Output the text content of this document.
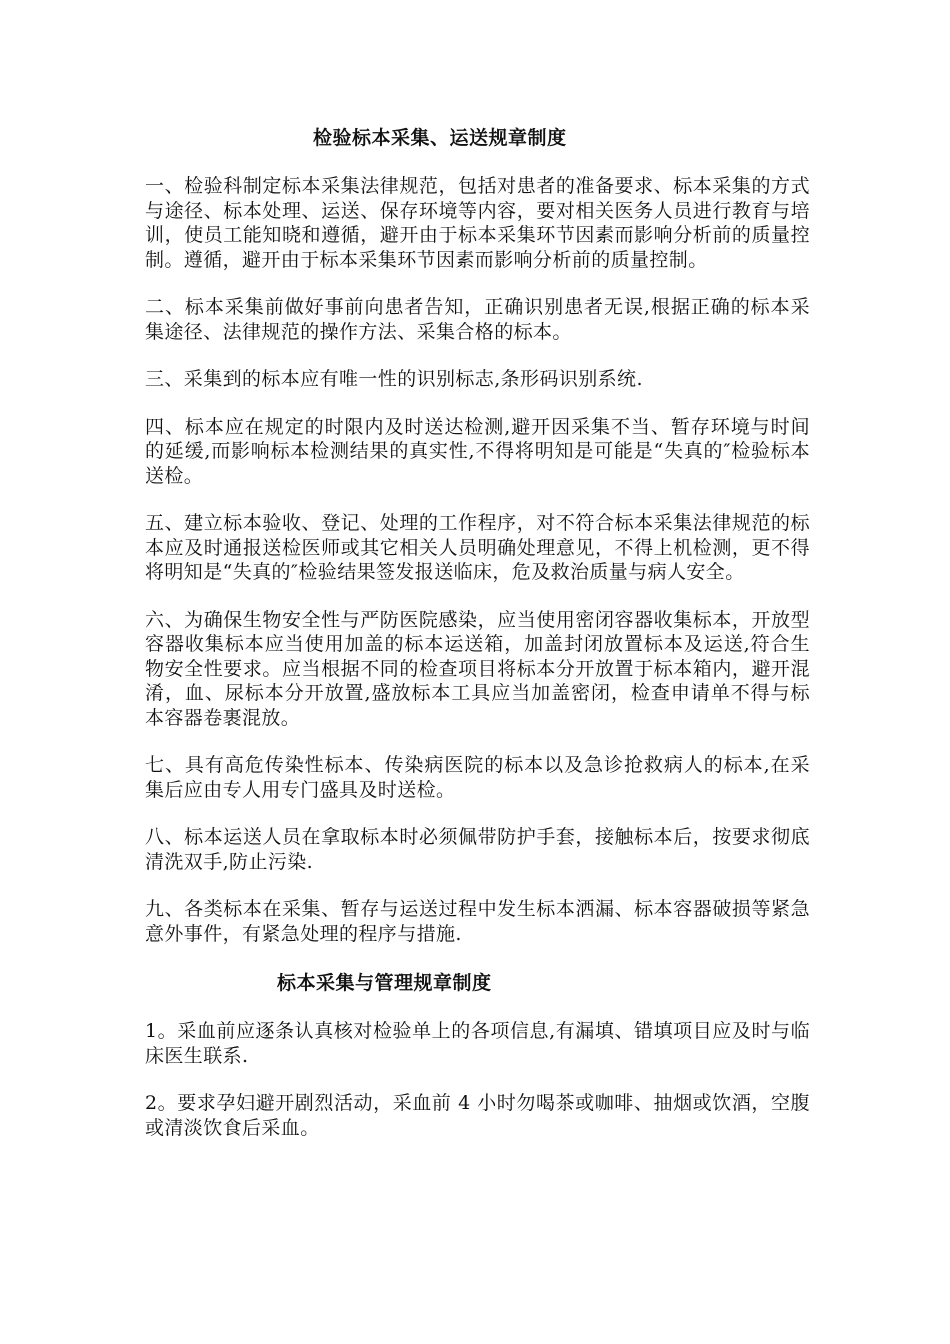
检验标本采集、运送规章制度

一、检验科制定标本采集法律规范，包括对患者的准备要求、标本采集的方式与途径、标本处理、运送、保存环境等内容，要对相关医务人员进行教育与培训，使员工能知晓和遵循，避开由于标本采集环节因素而影响分析前的质量控制。遵循，避开由于标本采集环节因素而影响分析前的质量控制。

二、标本采集前做好事前向患者告知，正确识别患者无误,根据正确的标本采集途径、法律规范的操作方法、采集合格的标本。

三、采集到的标本应有唯一性的识别标志,条形码识别系统.

四、标本应在规定的时限内及时送达检测,避开因采集不当、暂存环境与时间的延缓,而影响标本检测结果的真实性,不得将明知是可能是“失真的″检验标本送检。

五、建立标本验收、登记、处理的工作程序，对不符合标本采集法律规范的标本应及时通报送检医师或其它相关人员明确处理意见，不得上机检测，更不得将明知是“失真的″检验结果签发报送临床，危及救治质量与病人安全。

六、为确保生物安全性与严防医院感染，应当使用密闭容器收集标本，开放型容器收集标本应当使用加盖的标本运送箱，加盖封闭放置标本及运送,符合生物安全性要求。应当根据不同的检查项目将标本分开放置于标本箱内，避开混淆，血、尿标本分开放置,盛放标本工具应当加盖密闭，检查申请单不得与标本容器卷裹混放。

七、具有高危传染性标本、传染病医院的标本以及急诊抢救病人的标本,在采集后应由专人用专门盛具及时送检。

八、标本运送人员在拿取标本时必须佩带防护手套，接触标本后，按要求彻底清洗双手,防止污染.

九、各类标本在采集、暂存与运送过程中发生标本洒漏、标本容器破损等紧急意外事件，有紧急处理的程序与措施.

标本采集与管理规章制度

1。采血前应逐条认真核对检验单上的各项信息,有漏填、错填项目应及时与临床医生联系.

2。要求孕妇避开剧烈活动，采血前 4 小时勿喝茶或咖啡、抽烟或饮酒，空腹或清淡饮食后采血。
